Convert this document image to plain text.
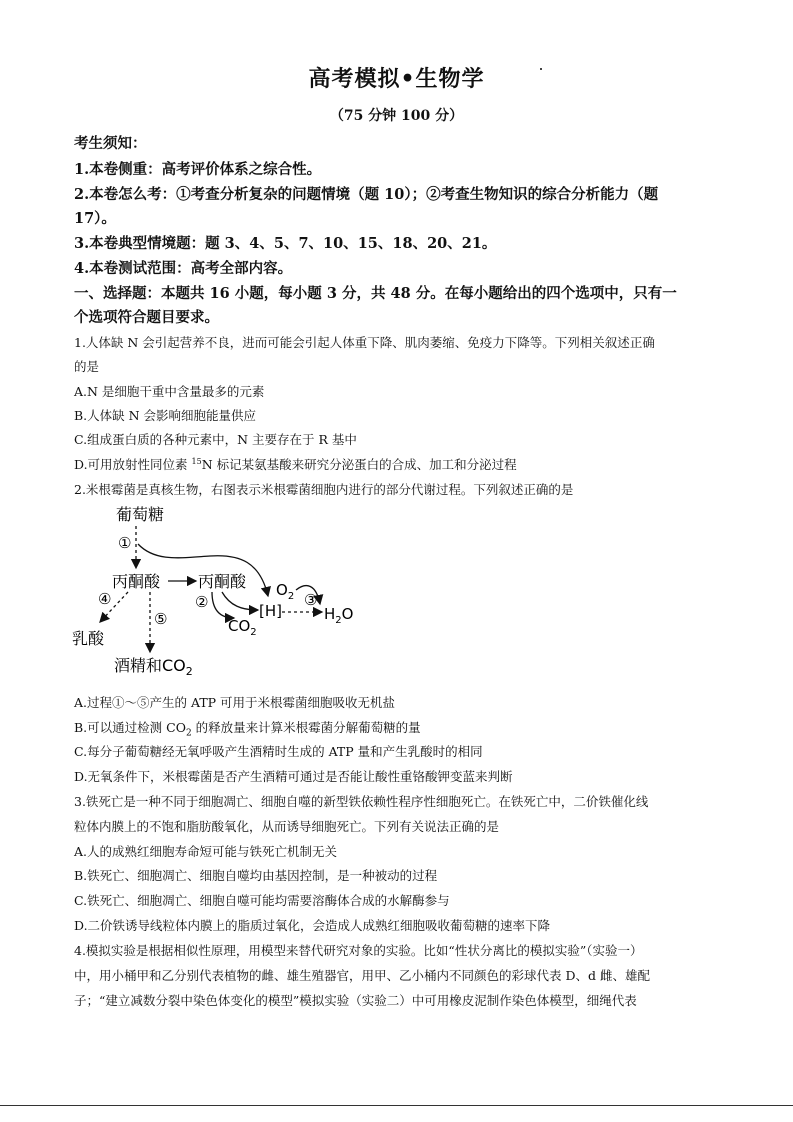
高考模拟•生物学
（75 分钟 100 分）
考生须知：
1.本卷侧重：高考评价体系之综合性。
2.本卷怎么考：①考查分析复杂的问题情境（题 10）；②考查生物知识的综合分析能力（题
17）。
3.本卷典型情境题：题 3、4、5、7、10、15、18、20、21。
4.本卷测试范围：高考全部内容。
一、选择题：本题共 16 小题，每小题 3 分，共 48 分。在每小题给出的四个选项中，只有一
个选项符合题目要求。
1.人体缺 N 会引起营养不良，进而可能会引起人体重下降、肌肉萎缩、免疫力下降等。下列相关叙述正确
的是
A.N 是细胞干重中含量最多的元素
B.人体缺 N 会影响细胞能量供应
C.组成蛋白质的各种元素中，N 主要存在于 R 基中
D.可用放射性同位素 $^{15}$N 标记某氨基酸来研究分泌蛋白的合成、加工和分泌过程
2.米根霉菌是真核生物，右图表示米根霉菌细胞内进行的部分代谢过程。下列叙述正确的是
葡萄糖
丙酮酸 丙酮酸
乳酸
酒精和$CO_2$
$CO_2$
[H]
$O_2$
$H_2O$
①
②	③
④
⑤
A.过程①～⑤产生的 ATP 可用于米根霉菌细胞吸收无机盐
B.可以通过检测 $CO_2$ 的释放量来计算米根霉菌分解葡萄糖的量
C.每分子葡萄糖经无氧呼吸产生酒精时生成的 ATP 量和产生乳酸时的相同
D.无氧条件下，米根霉菌是否产生酒精可通过是否能让酸性重铬酸钾变蓝来判断
3.铁死亡是一种不同于细胞凋亡、细胞自噬的新型铁依赖性程序性细胞死亡。在铁死亡中，二价铁催化线
粒体内膜上的不饱和脂肪酸氧化，从而诱导细胞死亡。下列有关说法正确的是
A.人的成熟红细胞寿命短可能与铁死亡机制无关
B.铁死亡、细胞凋亡、细胞自噬均由基因控制，是一种被动的过程
C.铁死亡、细胞凋亡、细胞自噬可能均需要溶酶体合成的水解酶参与
D.二价铁诱导线粒体内膜上的脂质过氧化，会造成人成熟红细胞吸收葡萄糖的速率下降
4.模拟实验是根据相似性原理，用模型来替代研究对象的实验。比如“性状分离比的模拟实验”（实验一）
中，用小桶甲和乙分别代表植物的雌、雄生殖器官，用甲、乙小桶内不同颜色的彩球代表 D、d 雌、雄配
子；“建立减数分裂中染色体变化的模型”模拟实验（实验二）中可用橡皮泥制作染色体模型，细绳代表
